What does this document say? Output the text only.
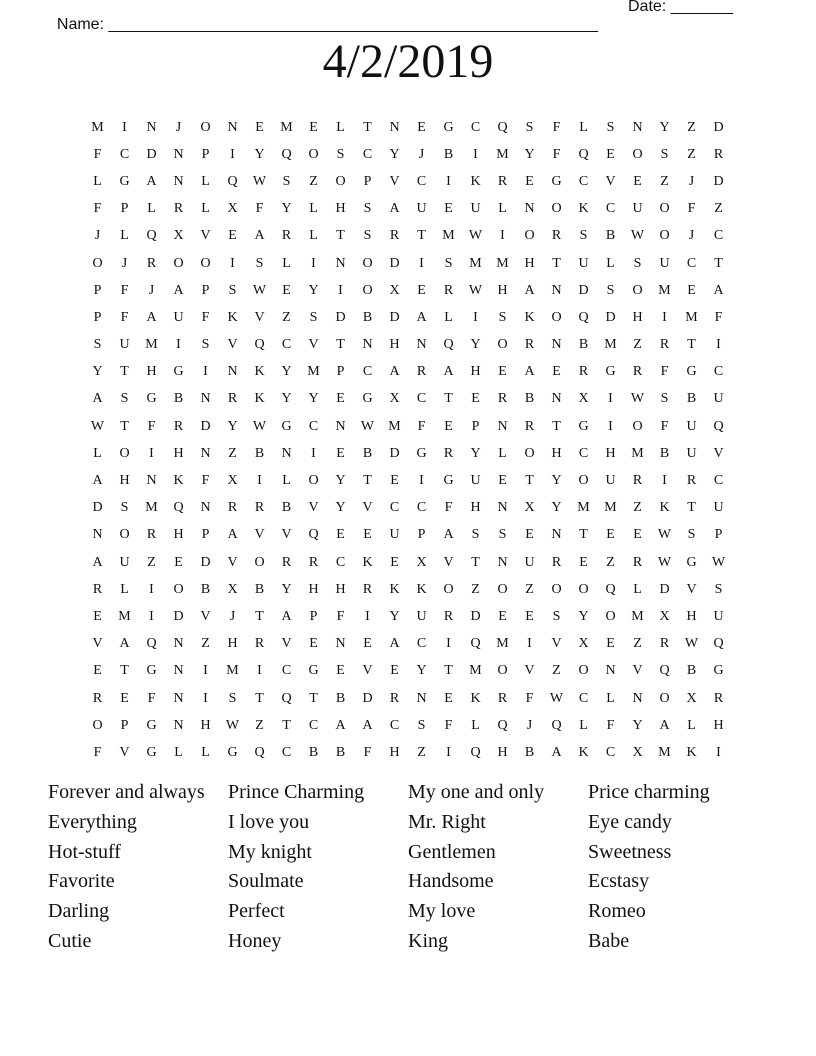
Name: _______________________________________________________

Date: _______

4/2/2019
M	I	N	J	O	N	E	M	E	L	T	N	E	G	C	Q	S	F	L	S	N	Y	Z	D
F	C	D	N	P	I	Y	Q	O	S	C	Y	J	B	I	M	Y	F	Q	E	O	S	Z	R
L	G	A	N	L	Q	W	S	Z	O	P	V	C	I	K	R	E	G	C	V	E	Z	J	D
F	P	L	R	L	X	F	Y	L	H	S	A	U	E	U	L	N	O	K	C	U	O	F	Z
J	L	Q	X	V	E	A	R	L	T	S	R	T	M	W	I	O	R	S	B	W	O	J	C
O	J	R	O	O	I	S	L	I	N	O	D	I	S	M	M	H	T	U	L	S	U	C	T
P	F	J	A	P	S	W	E	Y	I	O	X	E	R	W	H	A	N	D	S	O	M	E	A
P	F	A	U	F	K	V	Z	S	D	B	D	A	L	I	S	K	O	Q	D	H	I	M	F
S	U	M	I	S	V	Q	C	V	T	N	H	N	Q	Y	O	R	N	B	M	Z	R	T	I
Y	T	H	G	I	N	K	Y	M	P	C	A	R	A	H	E	A	E	R	G	R	F	G	C
A	S	G	B	N	R	K	Y	Y	E	G	X	C	T	E	R	B	N	X	I	W	S	B	U
W	T	F	R	D	Y	W	G	C	N	W	M	F	E	P	N	R	T	G	I	O	F	U	Q
L	O	I	H	N	Z	B	N	I	E	B	D	G	R	Y	L	O	H	C	H	M	B	U	V
A	H	N	K	F	X	I	L	O	Y	T	E	I	G	U	E	T	Y	O	U	R	I	R	C
D	S	M	Q	N	R	R	B	V	Y	V	C	C	F	H	N	X	Y	M	M	Z	K	T	U
N	O	R	H	P	A	V	V	Q	E	E	U	P	A	S	S	E	N	T	E	E	W	S	P
A	U	Z	E	D	V	O	R	R	C	K	E	X	V	T	N	U	R	E	Z	R	W	G	W
R	L	I	O	B	X	B	Y	H	H	R	K	K	O	Z	O	Z	O	O	Q	L	D	V	S
E	M	I	D	V	J	T	A	P	F	I	Y	U	R	D	E	E	S	Y	O	M	X	H	U
V	A	Q	N	Z	H	R	V	E	N	E	A	C	I	Q	M	I	V	X	E	Z	R	W	Q
E	T	G	N	I	M	I	C	G	E	V	E	Y	T	M	O	V	Z	O	N	V	Q	B	G
R	E	F	N	I	S	T	Q	T	B	D	R	N	E	K	R	F	W	C	L	N	O	X	R
O	P	G	N	H	W	Z	T	C	A	A	C	S	F	L	Q	J	Q	L	F	Y	A	L	H
F	V	G	L	L	G	Q	C	B	B	F	H	Z	I	Q	H	B	A	K	C	X	M	K	I
Forever and always	Prince Charming	My one and only	Price charming
Everything	I love you	Mr. Right	Eye candy
Hot-stuff	My knight	Gentlemen	Sweetness
Favorite	Soulmate	Handsome	Ecstasy
Darling	Perfect	My love	Romeo
Cutie	Honey	King	Babe
